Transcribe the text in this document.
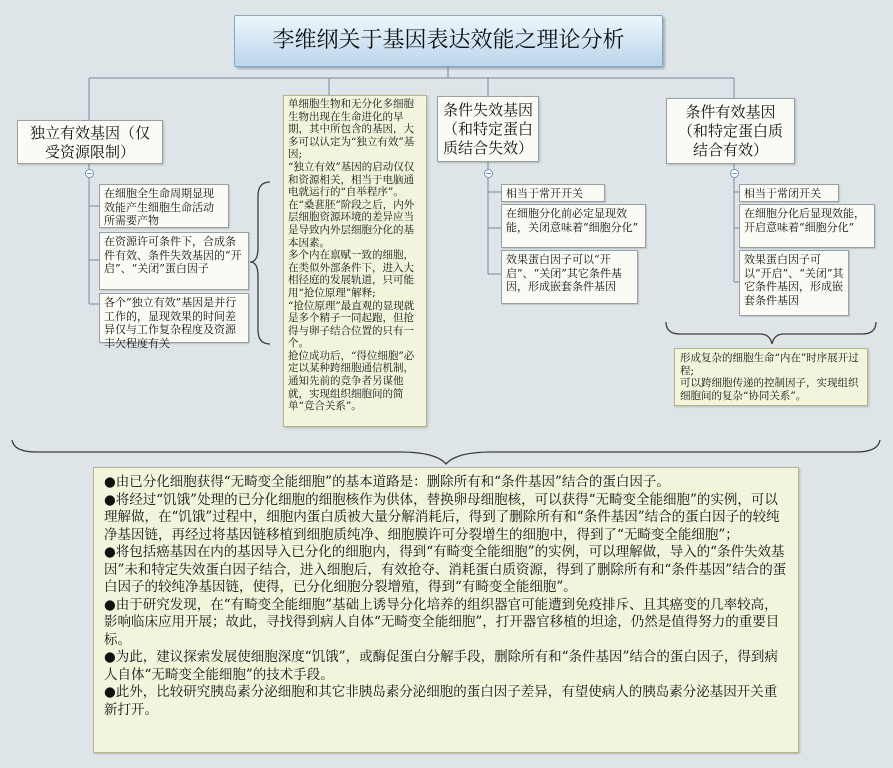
李维纲关于基因表达效能之理论分析
独立有效基因（仅受资源限制）
在细胞全生命周期显现效能产生细胞生命活动所需要产物
在资源许可条件下，合成条件有效、条件失效基因的“开启”、“关闭”蛋白因子
各个“独立有效”基因是并行工作的，显现效果的时间差异仅与工作复杂程度及资源丰欠程度有关
单细胞生物和无分化多细胞生物出现在生命进化的早期，其中所包含的基因，大多可以认定为“独立有效”基因;
“独立有效”基因的启动仅仅和资源相关，相当于电脑通电就运行的“自举程序”。
在“桑葚胚”阶段之后，内外层细胞资源环境的差异应当是导致内外层细胞分化的基本因素。
多个内在禀赋一致的细胞，在类似外部条件下，进入大相径庭的发展轨道，只可能用“抢位原理”解释;
“抢位原理”最直观的显现就是多个精子一同起跑，但抢得与卵子结合位置的只有一个。
抢位成功后，“得位细胞”必定以某种跨细胞通信机制，通知先前的竞争者另谋他就，实现组织细胞间的简单“竞合关系”。
条件失效基因（和特定蛋白质结合失效）
相当于常开开关
在细胞分化前必定显现效能，关闭意味着“细胞分化”
效果蛋白因子可以“开启”、“关闭”其它条件基因，形成嵌套条件基因
条件有效基因（和特定蛋白质结合有效）
相当于常闭开关
在细胞分化后显现效能，开启意味着“细胞分化”
效果蛋白因子可以“开启”、“关闭”其它条件基因，形成嵌套条件基因
形成复杂的细胞生命“内在”时序展开过程;
可以跨细胞传递的控制因子，实现组织细胞间的复杂“协同关系”。

●由已分化细胞获得“无畸变全能细胞”的基本道路是：删除所有和“条件基因”结合的蛋白因子。

●将经过“饥饿”处理的已分化细胞的细胞核作为供体，替换卵母细胞核，可以获得“无畸变全能细胞”的实例，可以理解做，在“饥饿”过程中，细胞内蛋白质被大量分解消耗后，得到了删除所有和“条件基因”结合的蛋白因子的较纯净基因链，再经过将基因链移植到细胞质纯净、细胞膜许可分裂增生的细胞中，得到了“无畸变全能细胞”；

●将包括癌基因在内的基因导入已分化的细胞内，得到“有畸变全能细胞”的实例，可以理解做，导入的“条件失效基因”未和特定失效蛋白因子结合，进入细胞后，有效抢夺、消耗蛋白质资源，得到了删除所有和“条件基因”结合的蛋白因子的较纯净基因链，使得，已分化细胞分裂增殖，得到“有畸变全能细胞”。

●由于研究发现，在“有畸变全能细胞”基础上诱导分化培养的组织器官可能遭到免疫排斥、且其癌变的几率较高，影响临床应用开展；故此，寻找得到病人自体“无畸变全能细胞”，打开器官移植的坦途，仍然是值得努力的重要目标。

●为此，建议探索发展使细胞深度“饥饿”，或酶促蛋白分解手段，删除所有和“条件基因”结合的蛋白因子，得到病人自体“无畸变全能细胞”的技术手段。

●此外，比较研究胰岛素分泌细胞和其它非胰岛素分泌细胞的蛋白因子差异，有望使病人的胰岛素分泌基因开关重新打开。
